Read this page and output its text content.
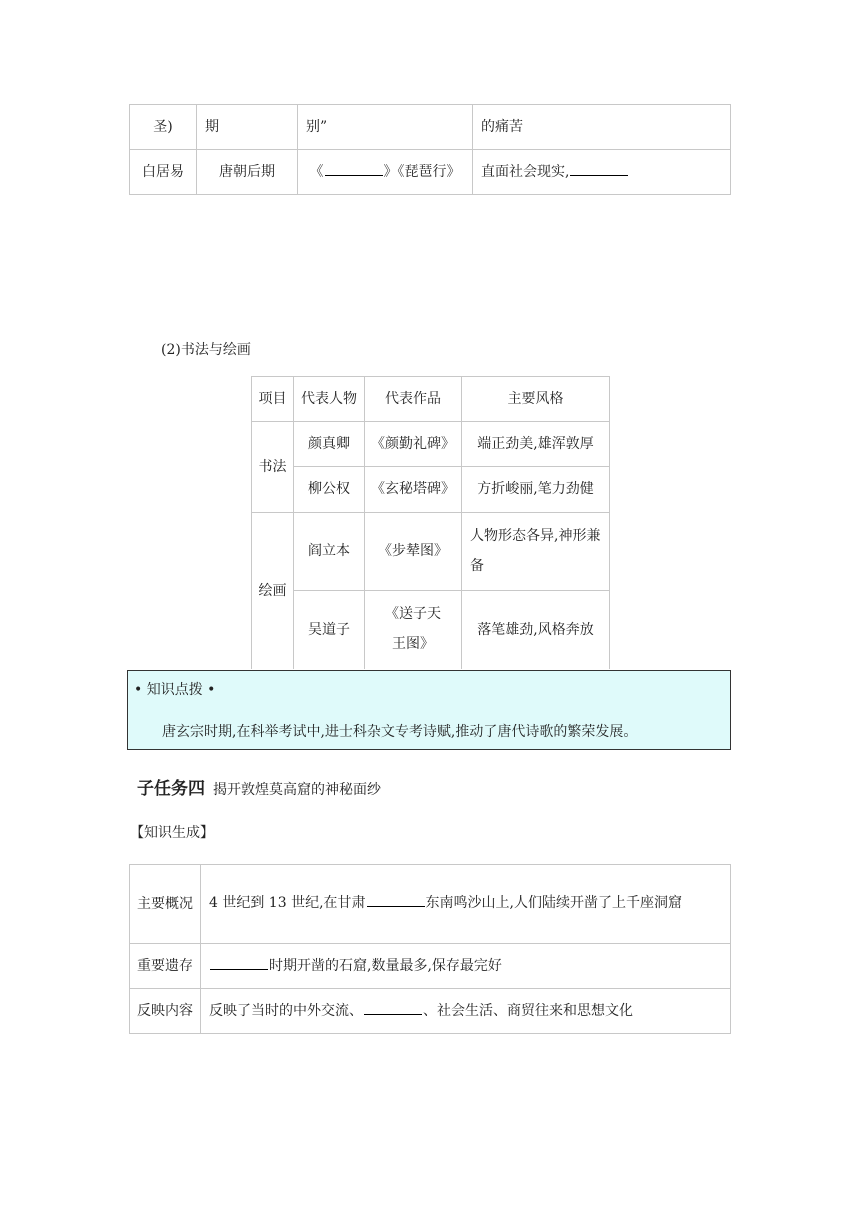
圣)	期	别”	的痛苦
白居易	唐朝后期	《 》《琵琶行》	直面社会现实,
(2)书法与绘画
项目	代表人物	代表作品	主要风格
书法	颜真卿	《颜勤礼碑》	端正劲美,雄浑敦厚
	柳公权	《玄秘塔碑》	方折峻丽,笔力劲健
绘画	阎立本	《步辇图》	人物形态各异,神形兼备
	吴道子	《送子天王图》	落笔雄劲,风格奔放
• 知识点拨 •
唐玄宗时期,在科举考试中,进士科杂文专考诗赋,推动了唐代诗歌的繁荣发展。
子任务四 揭开敦煌莫高窟的神秘面纱
【知识生成】
主要概况	4 世纪到 13 世纪,在甘肃 东南鸣沙山上,人们陆续开凿了上千座洞窟
重要遗存	时期开凿的石窟,数量最多,保存最完好
反映内容	反映了当时的中外交流、 、社会生活、商贸往来和思想文化
